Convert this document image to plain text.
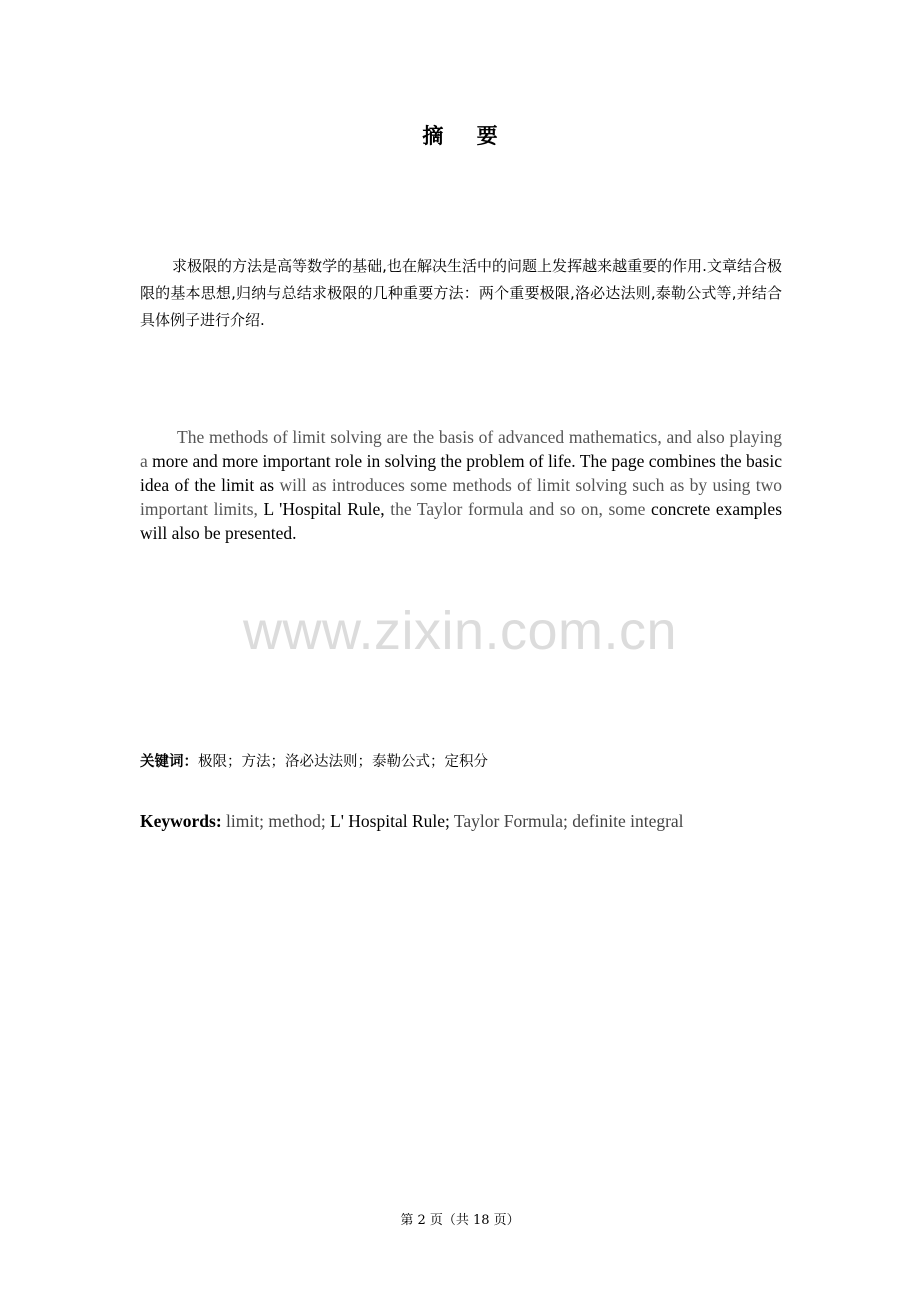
摘 要

求极限的方法是高等数学的基础,也在解决生活中的问题上发挥越来越重要的作用.文章结合极限的基本思想,归纳与总结求极限的几种重要方法：两个重要极限,洛必达法则,泰勒公式等,并结合具体例子进行介绍.

The methods of limit solving are the basis of advanced mathematics, and also playing a more and more important role in solving the problem of life. The page combines the basic idea of the limit as will as introduces some methods of limit solving such as by using two important limits, L 'Hospital Rule, the Taylor formula and so on, some concrete examples will also be presented.

www.zixin.com.cn
关键词：极限；方法；洛必达法则；泰勒公式；定积分
Keywords: limit; method; L' Hospital Rule; Taylor Formula; definite integral
第 2 页（共 18 页）
